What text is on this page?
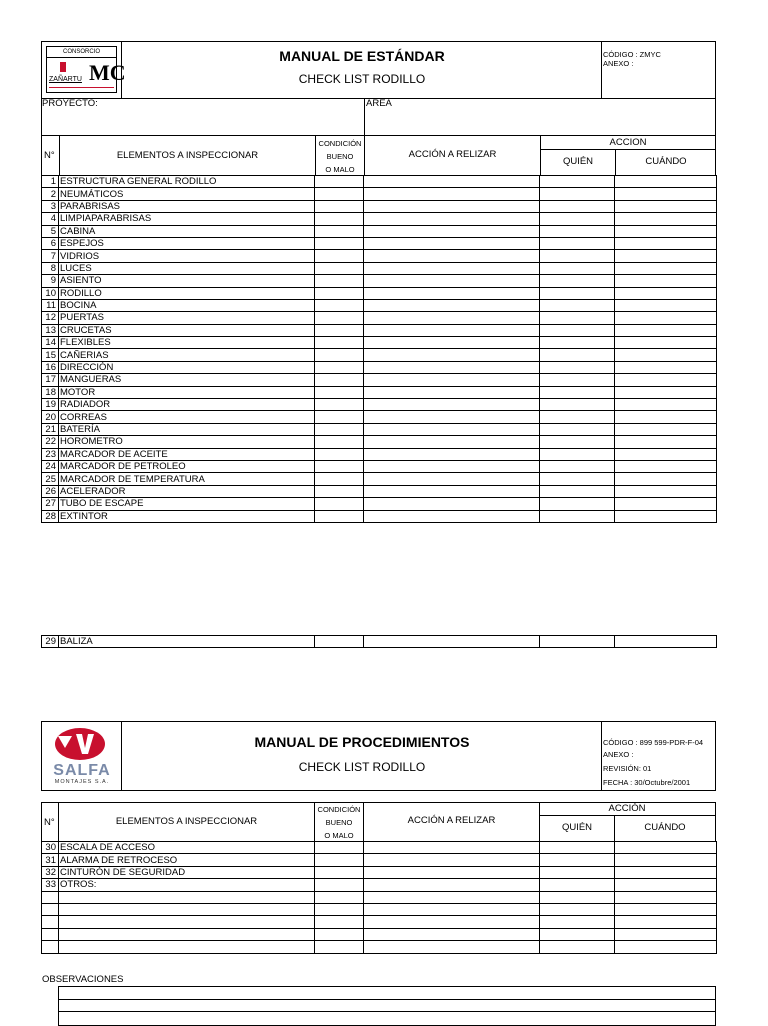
CONSORCIO
ZAÑARTU MC
MANUAL DE ESTÁNDAR
CHECK LIST RODILLO
CÓDIGO : ZMYC
ANEXO :
PROYECTO:	ÁREA
N°	ELEMENTOS A INSPECCIONAR
CONDICIÓN
BUENO
O MALO
ACCIÓN A RELIZAR
ACCION
QUIÉN	CUÁNDO
1	ESTRUCTURA GENERAL RODILLO				
2	NEUMÁTICOS				
3	PARABRISAS				
4	LIMPIAPARABRISAS				
5	CABINA				
6	ESPEJOS				
7	VIDRIOS				
8	LUCES				
9	ASIENTO				
10	RODILLO				
11	BOCINA				
12	PUERTAS				
13	CRUCETAS				
14	FLEXIBLES				
15	CAÑERIAS				
16	DIRECCIÓN				
17	MANGUERAS				
18	MOTOR				
19	RADIADOR				
20	CORREAS				
21	BATERÍA				
22	HOROMETRO				
23	MARCADOR DE ACEITE				
24	MARCADOR DE PETROLEO				
25	MARCADOR DE TEMPERATURA				
26	ACELERADOR				
27	TUBO DE ESCAPE				
28	EXTINTOR				
29	BALIZA				
SALFA
MONTAJES S.A.
MANUAL DE PROCEDIMIENTOS
CHECK LIST RODILLO
CÓDIGO : 899 599-PDR-F-04
ANEXO :
REVISIÓN: 01
FECHA : 30/Octubre/2001
N°	ELEMENTOS A INSPECCIONAR
CONDICIÓN
BUENO
O MALO
ACCIÓN A RELIZAR
ACCIÓN
QUIÉN	CUÁNDO
30	ESCALA DE ACCESO				
31	ALARMA DE RETROCESO				
32	CINTURÓN DE SEGURIDAD				
33	OTROS:				

OBSERVACIONES
